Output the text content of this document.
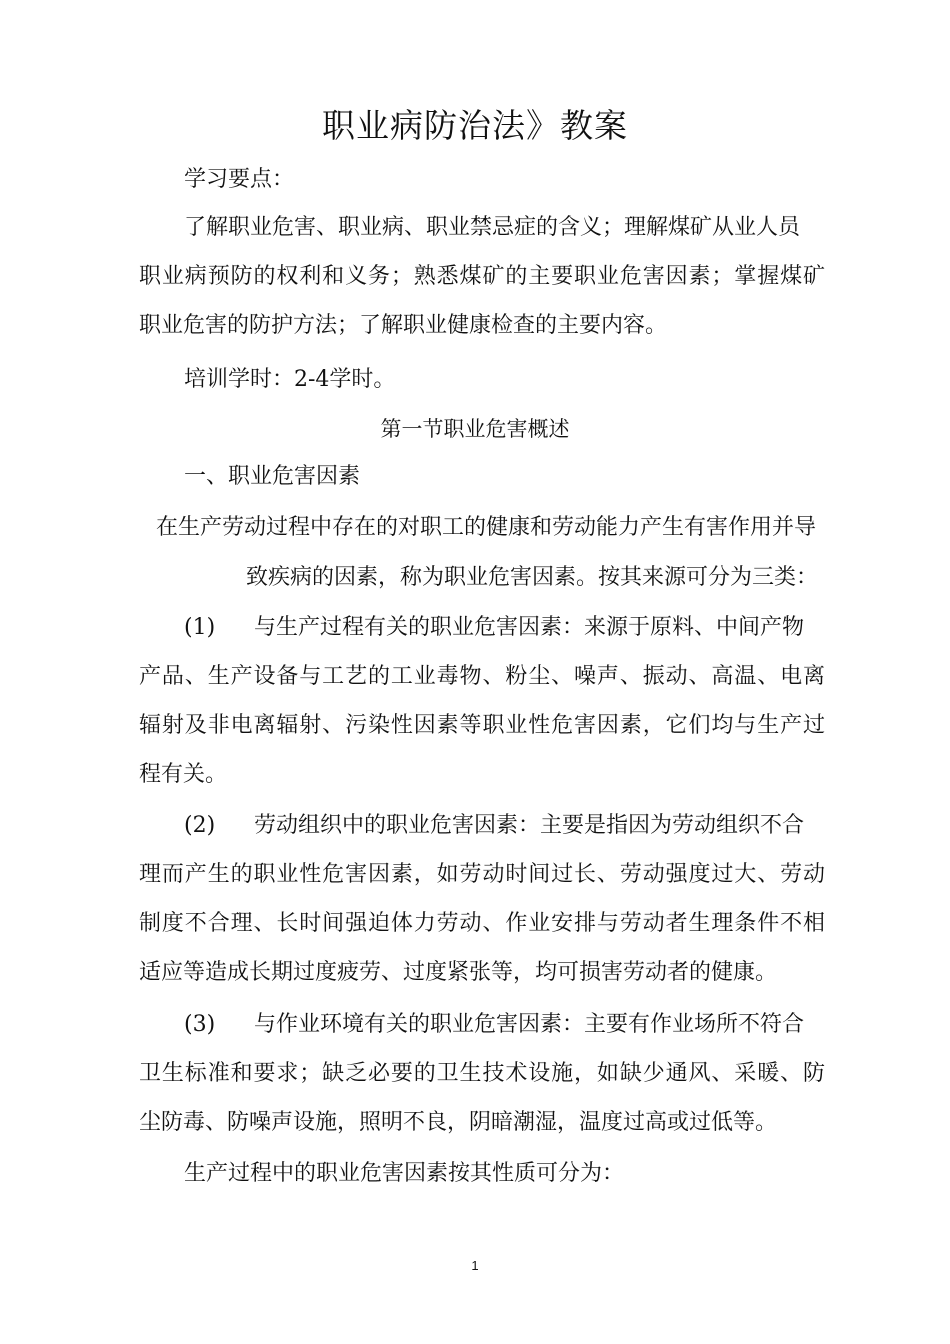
职业病防治法》教案
学习要点：
了解职业危害、职业病、职业禁忌症的含义；理解煤矿从业人员
职业病预防的权利和义务；熟悉煤矿的主要职业危害因素；掌握煤矿
职业危害的防护方法；了解职业健康检查的主要内容。
培训学时：2-4学时。
第一节职业危害概述
一、职业危害因素
在生产劳动过程中存在的对职工的健康和劳动能力产生有害作用并导
致疾病的因素，称为职业危害因素。按其来源可分为三类：
(1) 与生产过程有关的职业危害因素：来源于原料、中间产物
产品、生产设备与工艺的工业毒物、粉尘、噪声、振动、高温、电离
辐射及非电离辐射、污染性因素等职业性危害因素，它们均与生产过
程有关。
(2) 劳动组织中的职业危害因素：主要是指因为劳动组织不合
理而产生的职业性危害因素，如劳动时间过长、劳动强度过大、劳动
制度不合理、长时间强迫体力劳动、作业安排与劳动者生理条件不相
适应等造成长期过度疲劳、过度紧张等，均可损害劳动者的健康。
(3) 与作业环境有关的职业危害因素：主要有作业场所不符合
卫生标准和要求；缺乏必要的卫生技术设施，如缺少通风、采暖、防
尘防毒、防噪声设施，照明不良，阴暗潮湿，温度过高或过低等。
生产过程中的职业危害因素按其性质可分为：
1
